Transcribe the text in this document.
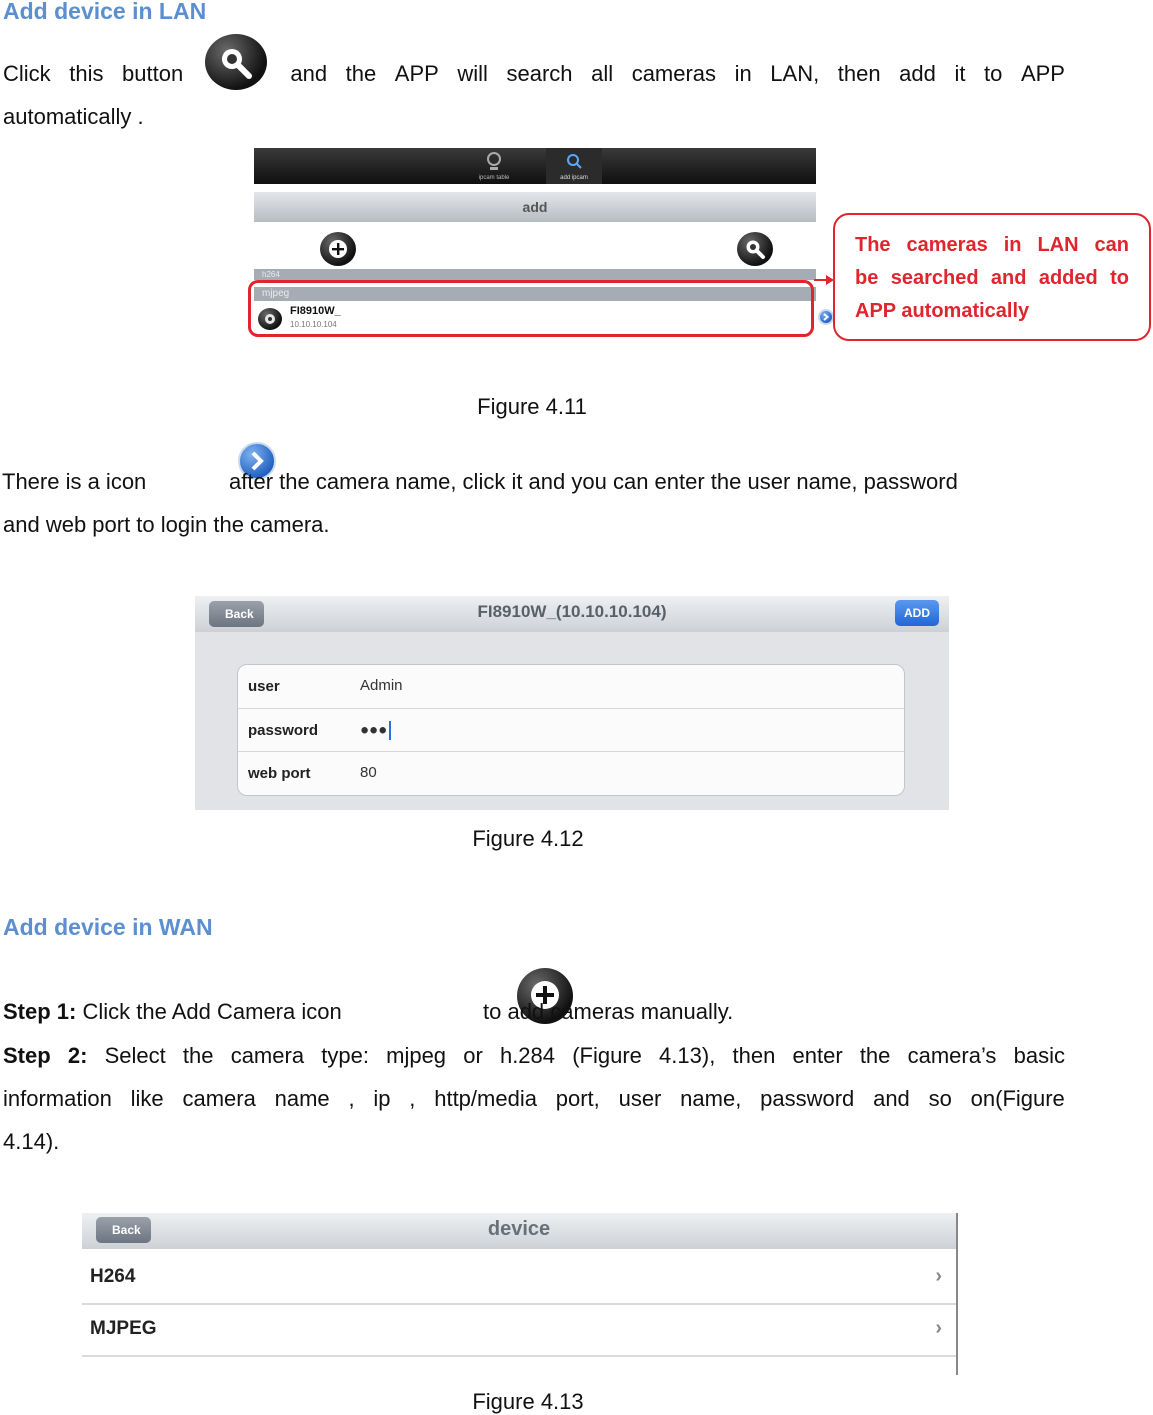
Add device in LAN
Click this button	and the APP will search all cameras in LAN, then add it to APP
automatically .

ipcam table	add ipcam
add

h264
mjpeg

FI8910W_
10.10.10.104
The cameras in LAN can
be searched and added to
APP automatically
Figure 4.11
There is a icon
	after the camera name, click it and you can enter the user name, password
and web port to login the camera.
Back	FI8910W_(10.10.10.104)	ADD
user	Admin
password	●●●
web port	80
Figure 4.12
Add device in WAN
Step 1: Click the Add Camera icon	to add cameras manually.
Step 2: Select the camera type: mjpeg or h.284 (Figure 4.13), then enter the camera’s basic
information like camera name , ip , http/media port, user name, password and so on(Figure
4.14).
Back	device
H264	›
MJPEG	›
Figure 4.13
